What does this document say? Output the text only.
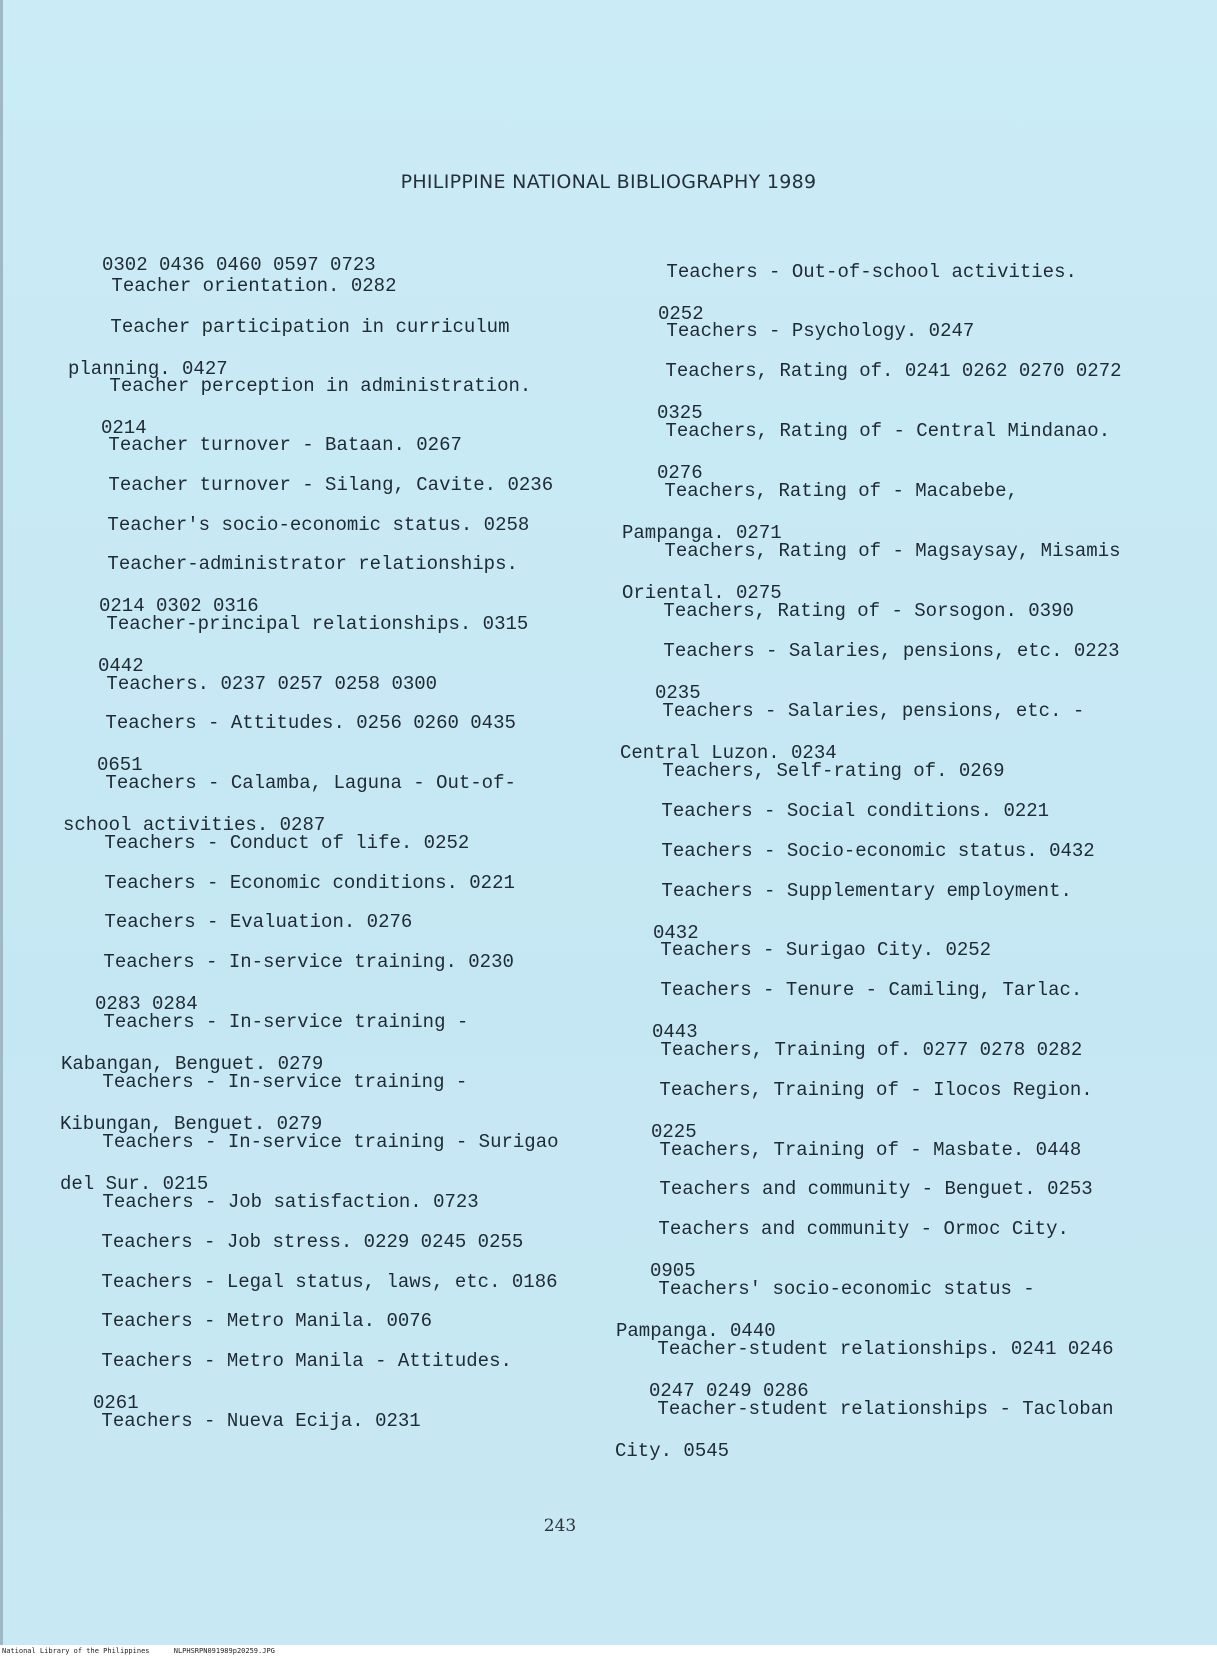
PHILIPPINE NATIONAL BIBLIOGRAPHY 1989

0302 0436 0460 0597 0723

Teacher orientation. 0282

Teacher participation in curriculum

planning. 0427

Teacher perception in administration.

0214

Teacher turnover - Bataan. 0267

Teacher turnover - Silang, Cavite. 0236

Teacher's socio-economic status. 0258

Teacher-administrator relationships.

0214 0302 0316

Teacher-principal relationships. 0315

0442

Teachers. 0237 0257 0258 0300

Teachers - Attitudes. 0256 0260 0435

0651

Teachers - Calamba, Laguna - Out-of-

school activities. 0287

Teachers - Conduct of life. 0252

Teachers - Economic conditions. 0221

Teachers - Evaluation. 0276

Teachers - In-service training. 0230

0283 0284

Teachers - In-service training -

Kabangan, Benguet. 0279

Teachers - In-service training -

Kibungan, Benguet. 0279

Teachers - In-service training - Surigao

del Sur. 0215

Teachers - Job satisfaction. 0723

Teachers - Job stress. 0229 0245 0255

Teachers - Legal status, laws, etc. 0186

Teachers - Metro Manila. 0076

Teachers - Metro Manila - Attitudes.

0261

Teachers - Nueva Ecija. 0231

Teachers - Out-of-school activities.

0252

Teachers - Psychology. 0247

Teachers, Rating of. 0241 0262 0270 0272

0325

Teachers, Rating of - Central Mindanao.

0276

Teachers, Rating of - Macabebe,

Pampanga. 0271

Teachers, Rating of - Magsaysay, Misamis

Oriental. 0275

Teachers, Rating of - Sorsogon. 0390

Teachers - Salaries, pensions, etc. 0223

0235

Teachers - Salaries, pensions, etc. -

Central Luzon. 0234

Teachers, Self-rating of. 0269

Teachers - Social conditions. 0221

Teachers - Socio-economic status. 0432

Teachers - Supplementary employment.

0432

Teachers - Surigao City. 0252

Teachers - Tenure - Camiling, Tarlac.

0443

Teachers, Training of. 0277 0278 0282

Teachers, Training of - Ilocos Region.

0225

Teachers, Training of - Masbate. 0448

Teachers and community - Benguet. 0253

Teachers and community - Ormoc City.

0905

Teachers' socio-economic status -

Pampanga. 0440

Teacher-student relationships. 0241 0246

0247 0249 0286

Teacher-student relationships - Tacloban

City. 0545

243
National Library of the Philippines	NLPHSRPN091989p20259.JPG
